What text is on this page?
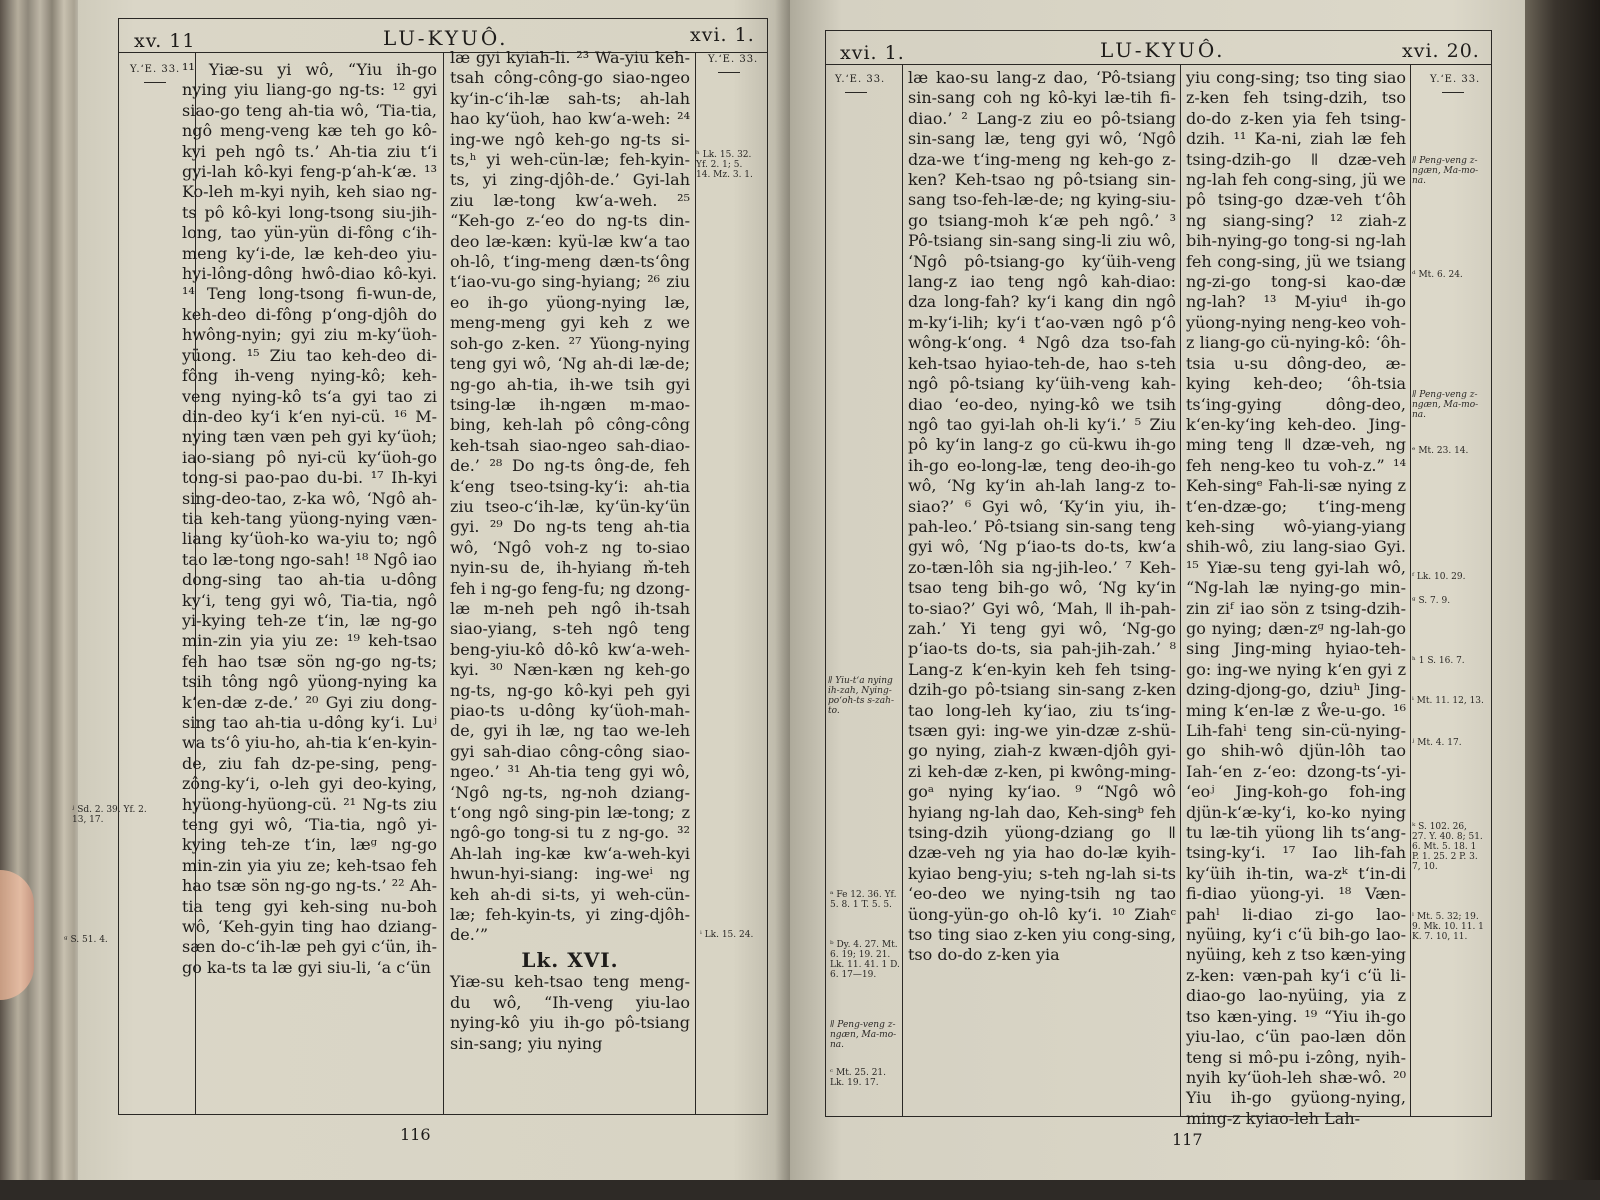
xv. 11	LU-KYUÔ.	xvi. 1.
Y.ʻE. 33.
Y.ʻE. 33.

¹¹ Yiæ-su yi wô, “Yiu ih-go nying yiu liang-go ng-ts: ¹² gyi siao-go teng ah-tia wô, ‘Tia-tia, ngô meng-veng kæ teh go kô-kyi peh ngô ts.’ Ah-tia ziu tʻi gyi-lah kô-kyi feng-pʻah-kʻæ. ¹³ Ko-leh m-kyi nyih, keh siao ng-ts pô kô-kyi long-tsong siu-jih-long, tao yün-yün di-fông cʻih-meng kyʻi-de, læ keh-deo yiu-hyi-lông-dông hwô-diao kô-kyi. ¹⁴ Teng long-tsong fi-wun-de, keh-deo di-fông pʻong-djôh do hwông-nyin; gyi ziu m-kyʻüoh-yüong. ¹⁵ Ziu tao keh-deo di-fông ih-veng nying-kô; keh-veng nying-kô tsʻa gyi tao zi din-deo kyʻi kʻen nyi-cü. ¹⁶ M-nying tæn væn peh gyi kyʻüoh; iao-siang pô nyi-cü kyʻüoh-go tong-si pao-pao du-bi. ¹⁷ Ih-kyi sing-deo-tao, z-ka wô, ‘Ngô ah-tia keh-tang yüong-nying væn-liang kyʻüoh-ko wa-yiu to; ngô tao læ-tong ngo-sah! ¹⁸ Ngô iao dong-sing tao ah-tia u-dông kyʻi, teng gyi wô, Tia-tia, ngô yi-kying teh-ze tʻin, læ ng-go min-zin yia yiu ze: ¹⁹ keh-tsao feh hao tsæ sön ng-go ng-ts; tsih tông ngô yüong-nying ka kʻen-dæ z-de.’ ²⁰ Gyi ziu dong-sing tao ah-tia u-dông kyʻi. Luʲ wa tsʻô yiu-ho, ah-tia kʻen-kyin-de, ziu fah dz-pe-sing, peng-zông-kyʻi, o-leh gyi deo-kying, hyüong-hyüong-cü. ²¹ Ng-ts ziu teng gyi wô, ‘Tia-tia, ngô yi-kying teh-ze tʻin, læᵍ ng-go min-zin yia yiu ze; keh-tsao feh hao tsæ sön ng-go ng-ts.’ ²² Ah-tia teng gyi keh-sing nu-boh wô, ‘Keh-gyin ting hao dziang-sæn do-cʻih-læ peh gyi cʻün, ih-go ka-ts ta læ gyi siu-li, ʻa cʻün

læ gyi kyiah-li. ²³ Wa-yiu keh-tsah công-công-go siao-ngeo kyʻin-cʻih-læ sah-ts; ah-lah hao kyʻüoh, hao kwʻa-weh: ²⁴ ing-we ngô keh-go ng-ts si-ts,ʰ yi weh-cün-læ; feh-kyin-ts, yi zing-djôh-de.’ Gyi-lah ziu læ-tong kwʻa-weh. ²⁵ “Keh-go z-ʻeo do ng-ts din-deo læ-kæn: kyü-læ kwʻa tao oh-lô, tʻing-meng dæn-tsʻông tʻiao-vu-go sing-hyiang; ²⁶ ziu eo ih-go yüong-nying læ, meng-meng gyi keh z we soh-go z-ken. ²⁷ Yüong-nying teng gyi wô, ‘Ng ah-di læ-de; ng-go ah-tia, ih-we tsih gyi tsing-læ ih-ngæn m-mao-bing, keh-lah pô công-công keh-tsah siao-ngeo sah-diao-de.’ ²⁸ Do ng-ts ông-de, feh kʻeng tseo-tsing-kyʻi: ah-tia ziu tseo-cʻih-læ, kyʻün-kyʻün gyi. ²⁹ Do ng-ts teng ah-tia wô, ‘Ngô voh-z ng to-siao nyin-su de, ih-hyiang m̌-teh feh i ng-go feng-fu; ng dzong-læ m-neh peh ngô ih-tsah siao-yiang, s-teh ngô teng beng-yiu-kô dô-kô kwʻa-weh-kyi. ³⁰ Næn-kæn ng keh-go ng-ts, ng-go kô-kyi peh gyi piao-ts u-dông kyʻüoh-mah-de, gyi ih læ, ng tao we-leh gyi sah-diao công-công siao-ngeo.’ ³¹ Ah-tia teng gyi wô, ‘Ngô ng-ts, ng-noh dziang-tʻong ngô sing-pin læ-tong; z ngô-go tong-si tu z ng-go. ³² Ah-lah ing-kæ kwʻa-weh-kyi hwun-hyi-siang: ing-weⁱ ng keh ah-di si-ts, yi weh-cün-læ; feh-kyin-ts, yi zing-djôh-de.’”

Lk. XVI.

Yiæ-su keh-tsao teng meng-du wô, “Ih-veng yiu-lao nying-kô yiu ih-go pô-tsiang sin-sang; yiu nying

ʰ Lk. 15. 32. Yf. 2. 1; 5. 14. Mz. 3. 1.
ʲ Sd. 2. 39. Yf. 2. 13, 17.
ᵍ S. 51. 4.	ⁱ Lk. 15. 24.
116
xvi. 1.	LU-KYUÔ.	xvi. 20.
Y.ʻE. 33.	Y.ʻE. 33.

læ kao-su lang-z dao, ‘Pô-tsiang sin-sang coh ng kô-kyi læ-tih fi-diao.’ ² Lang-z ziu eo pô-tsiang sin-sang læ, teng gyi wô, ‘Ngô dza-we tʻing-meng ng keh-go z-ken? Keh-tsao ng pô-tsiang sin-sang tso-feh-læ-de; ng kying-siu-go tsiang-moh kʻæ peh ngô.’ ³ Pô-tsiang sin-sang sing-li ziu wô, ‘Ngô pô-tsiang-go kyʻüih-veng lang-z iao teng ngô kah-diao: dza long-fah? kyʻi kang din ngô m-kyʻi-lih; kyʻi tʻao-væn ngô pʻô wông-kʻong. ⁴ Ngô dza tso-fah keh-tsao hyiao-teh-de, hao s-teh ngô pô-tsiang kyʻüih-veng kah-diao ʻeo-deo, nying-kô we tsih ngô tao gyi-lah oh-li kyʻi.’ ⁵ Ziu pô kyʻin lang-z go cü-kwu ih-go ih-go eo-long-læ, teng deo-ih-go wô, ‘Ng kyʻin ah-lah lang-z to-siao?’ ⁶ Gyi wô, ‘Kyʻin yiu, ih-pah-leo.’ Pô-tsiang sin-sang teng gyi wô, ‘Ng pʻiao-ts do-ts, kwʻa zo-tæn-lôh sia ng-jih-leo.’ ⁷ Keh-tsao teng bih-go wô, ‘Ng kyʻin to-siao?’ Gyi wô, ‘Mah, ǁ ih-pah-zah.’ Yi teng gyi wô, ‘Ng-go pʻiao-ts do-ts, sia pah-jih-zah.’ ⁸ Lang-z kʻen-kyin keh feh tsing-dzih-go pô-tsiang sin-sang z-ken tao long-leh kyʻiao, ziu tsʻing-tsæn gyi: ing-we yin-dzæ z-shü-go nying, ziah-z kwæn-djôh gyi-zi keh-dæ z-ken, pi kwông-ming-goᵃ nying kyʻiao. ⁹ “Ngô wô hyiang ng-lah dao, Keh-singᵇ feh tsing-dzih yüong-dziang go ǁ dzæ-veh ng yia hao do-læ kyih-kyiao beng-yiu; s-teh ng-lah si-ts ʻeo-deo we nying-tsih ng tao üong-yün-go oh-lô kyʻi. ¹⁰ Ziahᶜ tso ting siao z-ken yiu cong-sing, tso do-do z-ken yia

yiu cong-sing; tso ting siao z-ken feh tsing-dzih, tso do-do z-ken yia feh tsing-dzih. ¹¹ Ka-ni, ziah læ feh tsing-dzih-go ǁ dzæ-veh ng-lah feh cong-sing, jü we pô tsing-go dzæ-veh tʻôh ng siang-sing? ¹² ziah-z bih-nying-go tong-si ng-lah feh cong-sing, jü we tsiang ng-zi-go tong-si kao-dæ ng-lah? ¹³ M-yiuᵈ ih-go yüong-nying neng-keo voh-z liang-go cü-nying-kô: ʻôh-tsia u-su dông-deo, æ-kying keh-deo; ʻôh-tsia tsʻing-gying dông-deo, kʻen-kyʻing keh-deo. Jing-ming teng ǁ dzæ-veh, ng feh neng-keo tu voh-z.” ¹⁴ Keh-singᵉ Fah-li-sæ nying z tʻen-dzæ-go; tʻing-meng keh-sing wô-yiang-yiang shih-wô, ziu lang-siao Gyi. ¹⁵ Yiæ-su teng gyi-lah wô, “Ng-lah læ nying-go min-zin ziᶠ iao sön z tsing-dzih-go nying; dæn-zᵍ ng-lah-go sing Jing-ming hyiao-teh-go: ing-we nying kʻen gyi z dzing-djong-go, dziuʰ Jing-ming kʻen-læ z ẘe-u-go. ¹⁶ Lih-fahⁱ teng sin-cü-nying-go shih-wô djün-lôh tao Iah-ʻen z-ʻeo: dzong-tsʻ-yi-ʻeoʲ Jing-koh-go foh-ing djün-kʻæ-kyʻi, ko-ko nying tu læ-tih yüong lih tsʻang-tsing-kyʻi. ¹⁷ Iao lih-fah kyʻüih ih-tin, wa-zᵏ tʻin-di fi-diao yüong-yi. ¹⁸ Væn-pahˡ li-diao zi-go lao-nyüing, kyʻi cʻü bih-go lao-nyüing, keh z tso kæn-ying z-ken: væn-pah kyʻi cʻü li-diao-go lao-nyüing, yia z tso kæn-ying. ¹⁹ “Yiu ih-go yiu-lao, cʻün pao-læn dön teng si mô-pu i-zông, nyih-nyih kyʻüoh-leh shæ-wô. ²⁰ Yiu ih-go gyüong-nying, ming-z kyiao-leh Lah-

ǁ Yiu-tʻa nying ih-zah, Nying-poʻoh-ts s-zah-to.
ᵃ Fe 12. 36. Yf. 5. 8. 1 T. 5. 5.
ᵇ Dy. 4. 27. Mt. 6. 19; 19. 21. Lk. 11. 41. 1 D. 6. 17—19.
ǁ Peng-veng z-ngæn, Ma-mo-na.
ᶜ Mt. 25. 21. Lk. 19. 17.
ǁ Peng-veng z-ngæn, Ma-mo-na.
ᵈ Mt. 6. 24.
ǁ Peng-veng z-ngæn, Ma-mo-na.
ᵉ Mt. 23. 14.
ᶠ Lk. 10. 29.
ᵍ S. 7. 9.
ʰ 1 S. 16. 7.
ⁱ Mt. 11. 12, 13.
ʲ Mt. 4. 17.
ᵏ S. 102. 26, 27. Y. 40. 8; 51. 6. Mt. 5. 18. 1 P. 1. 25. 2 P. 3. 7, 10.
ˡ Mt. 5. 32; 19. 9. Mk. 10. 11. 1 K. 7. 10, 11.
117
